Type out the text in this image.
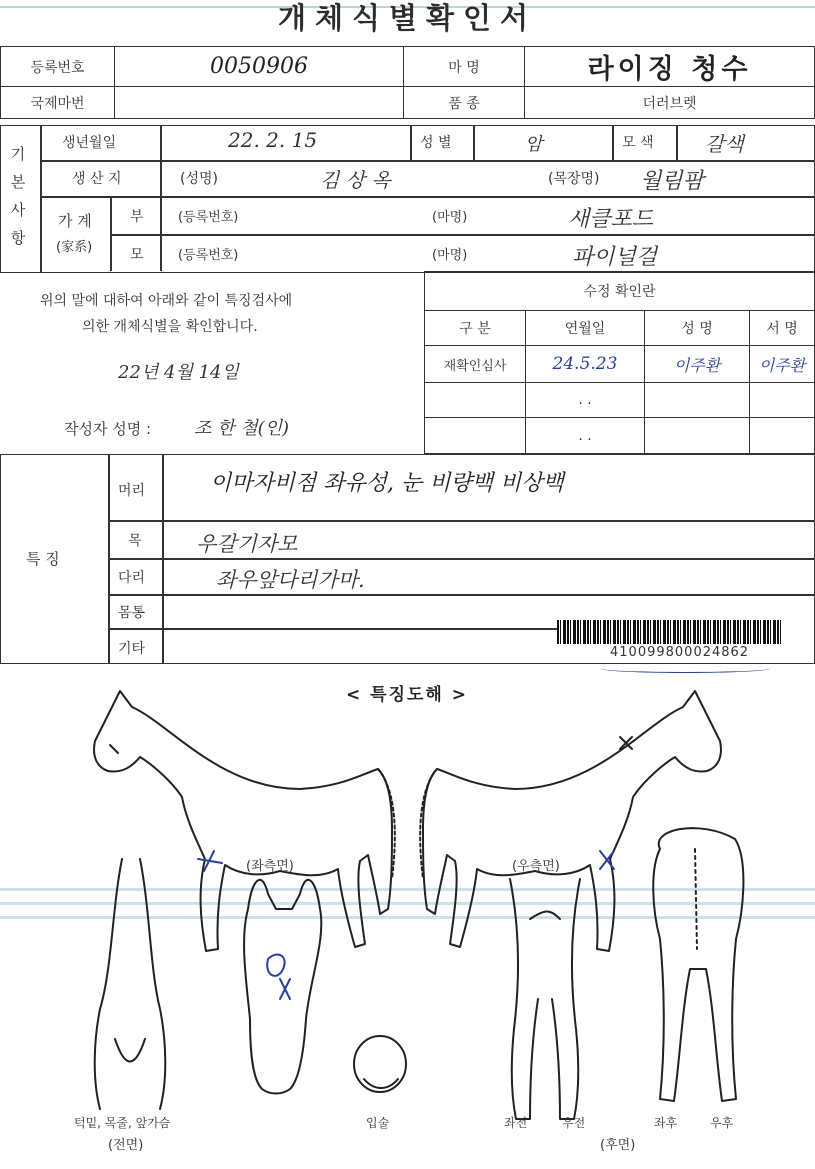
개체식별확인서
등록번호	0050906	마 명	라이징 청수
국제마번		품 종	더러브렛
기본사항
생년월일	22. 2. 15	성 별	암	모 색	갈색
생 산 지	(성명)	김 상 옥	(목장명) 월림팜
가 계
(家系)
부	(등록번호)	(마명)	새클포드
모	(등록번호)	(마명)	파이널걸
위의 말에 대하여 아래와 같이 특징검사에
의한 개체식별을 확인합니다.
22년 4월 14일
작성자 성명 : 조 한 철(인)
수정 확인란			
구 분	연월일	성 명	서 명
재확인심사	24.5.23	이주환	이주환
	. .		
	. .		
특 징
머리	이마자비점 좌유성, 눈 비량백 비상백
목	우갈기자모
다리	좌우앞다리가마.
몸통
기타	410099800024862
< 특징도해 >
(좌측면)	(우측면)
턱밑, 목줄, 앞가슴
(전면)
입술	좌전	우전	좌후	우후
(후면)
